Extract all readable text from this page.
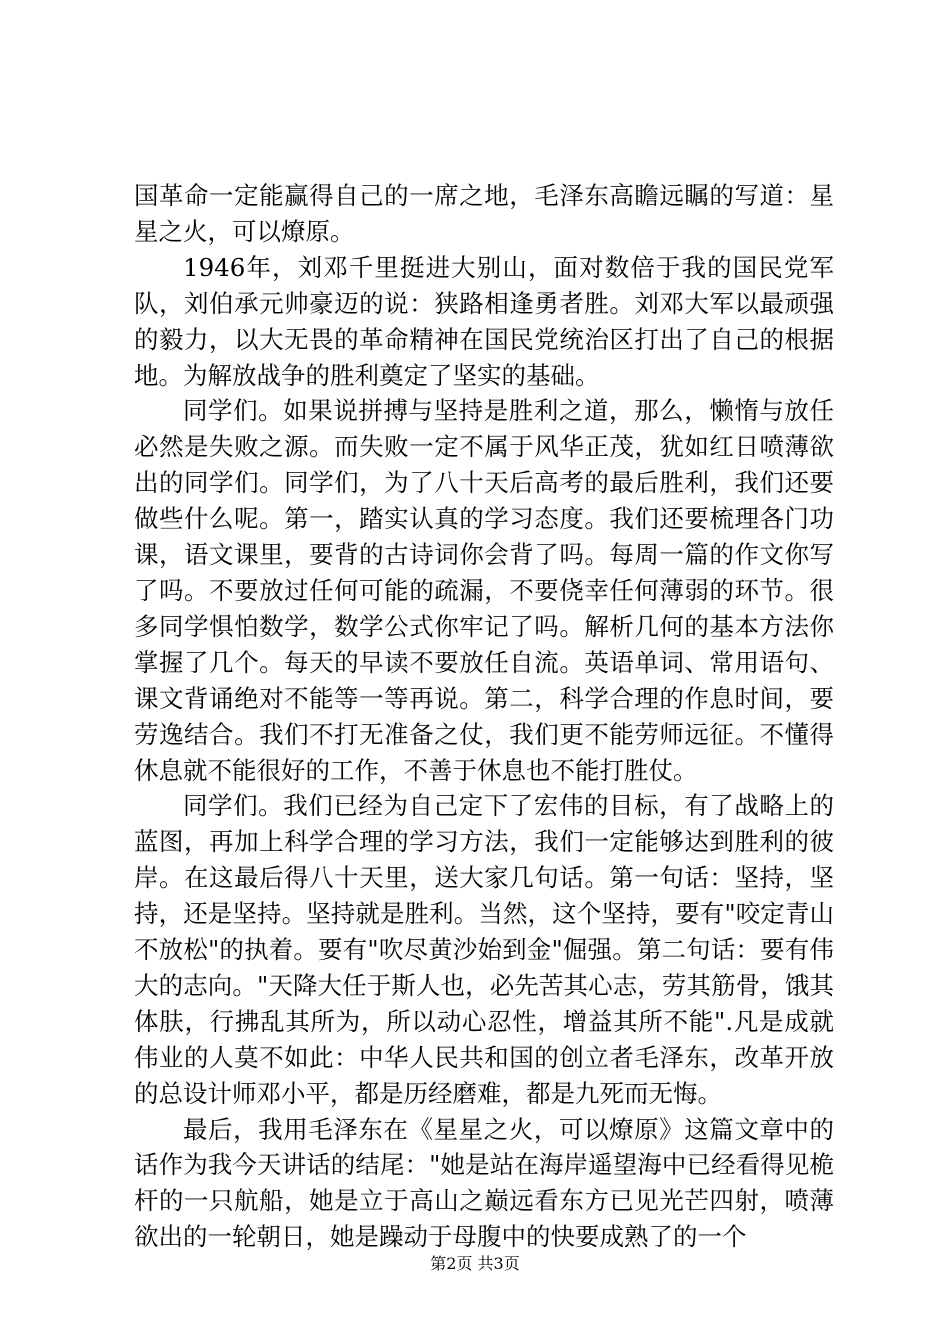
国革命一定能赢得自己的一席之地，毛泽东高瞻远瞩的写道：星星之火，可以燎原。

1946年，刘邓千里挺进大别山，面对数倍于我的国民党军队，刘伯承元帅豪迈的说：狭路相逢勇者胜。刘邓大军以最顽强的毅力，以大无畏的革命精神在国民党统治区打出了自己的根据地。为解放战争的胜利奠定了坚实的基础。

同学们。如果说拼搏与坚持是胜利之道，那么，懒惰与放任必然是失败之源。而失败一定不属于风华正茂，犹如红日喷薄欲出的同学们。同学们，为了八十天后高考的最后胜利，我们还要做些什么呢。第一，踏实认真的学习态度。我们还要梳理各门功课，语文课里，要背的古诗词你会背了吗。每周一篇的作文你写了吗。不要放过任何可能的疏漏，不要侥幸任何薄弱的环节。很多同学惧怕数学，数学公式你牢记了吗。解析几何的基本方法你掌握了几个。每天的早读不要放任自流。英语单词、常用语句、课文背诵绝对不能等一等再说。第二，科学合理的作息时间，要劳逸结合。我们不打无准备之仗，我们更不能劳师远征。不懂得休息就不能很好的工作，不善于休息也不能打胜仗。

同学们。我们已经为自己定下了宏伟的目标，有了战略上的蓝图，再加上科学合理的学习方法，我们一定能够达到胜利的彼岸。在这最后得八十天里，送大家几句话。第一句话：坚持，坚持，还是坚持。坚持就是胜利。当然，这个坚持，要有"咬定青山不放松"的执着。要有"吹尽黄沙始到金"倔强。第二句话：要有伟大的志向。"天降大任于斯人也，必先苦其心志，劳其筋骨，饿其体肤，行拂乱其所为，所以动心忍性，增益其所不能".凡是成就伟业的人莫不如此：中华人民共和国的创立者毛泽东，改革开放的总设计师邓小平，都是历经磨难，都是九死而无悔。

最后，我用毛泽东在《星星之火，可以燎原》这篇文章中的话作为我今天讲话的结尾："她是站在海岸遥望海中已经看得见桅杆的一只航船，她是立于高山之巅远看东方已见光芒四射，喷薄欲出的一轮朝日，她是躁动于母腹中的快要成熟了的一个

第2页 共3页
